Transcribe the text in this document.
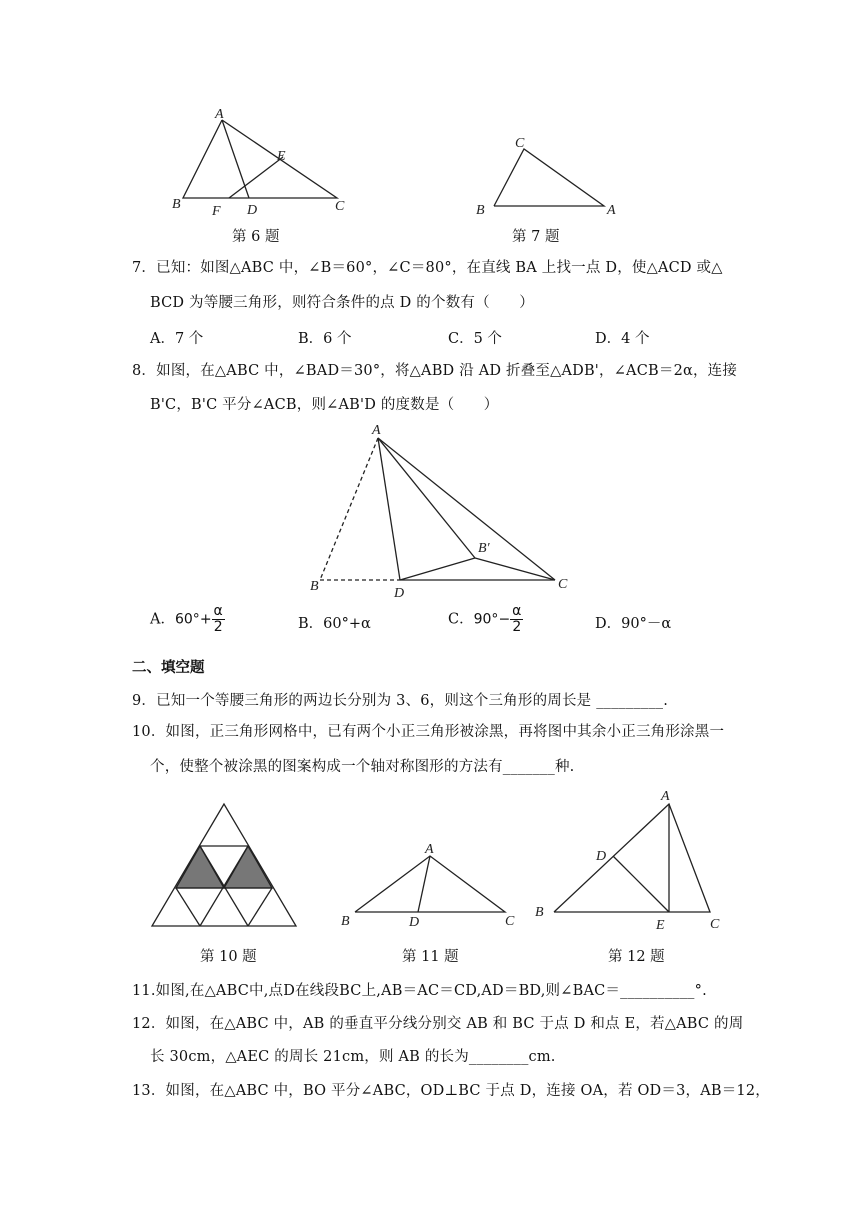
A
B	C
D
E
F
第 6 题
C
B	A
第 7 题
7．已知：如图△ABC 中，∠B＝60°，∠C＝80°，在直线 BA 上找一点 D，使△ACD 或△
BCD 为等腰三角形，则符合条件的点 D 的个数有（　　）
A．7 个	B．6 个	C．5 个	D．4 个
8．如图，在△ABC 中，∠BAD＝30°，将△ABD 沿 AD 折叠至△ADB'，∠ACB＝2α，连接
B'C，B'C 平分∠ACB，则∠AB'D 的度数是（　　）
A
B
B′
C
D
A．$60^\circ+ \frac{\alpha}{2}$	B．60°+α	C．$90^\circ- \frac{\alpha}{2}$	D．90°－α
二、填空题
9．已知一个等腰三角形的两边长分别为 3、6，则这个三角形的周长是 _________.
10．如图，正三角形网格中，已有两个小正三角形被涂黑，再将图中其余小正三角形涂黑一
个，使整个被涂黑的图案构成一个轴对称图形的方法有_______种.
第 10 题
A
B	C
D
第 11 题
A
B
C
D
E
第 12 题
11.如图,在△ABC中,点D在线段BC上,AB＝AC＝CD,AD＝BD,则∠BAC＝__________°.
12．如图，在△ABC 中，AB 的垂直平分线分别交 AB 和 BC 于点 D 和点 E，若△ABC 的周
长 30cm，△AEC 的周长 21cm，则 AB 的长为________cm.
13．如图，在△ABC 中，BO 平分∠ABC，OD⊥BC 于点 D，连接 OA，若 OD＝3，AB＝12，
